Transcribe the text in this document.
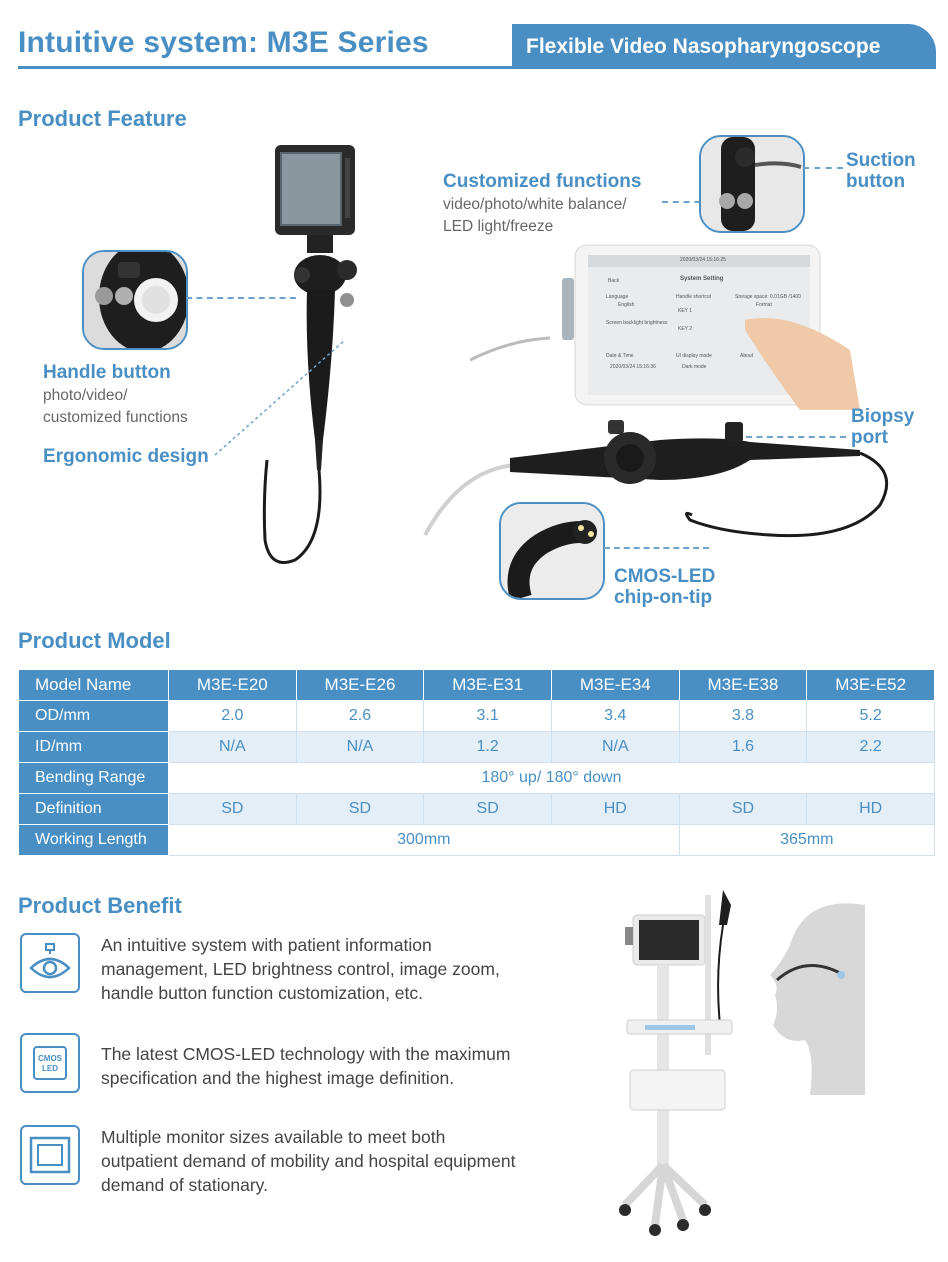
Intuitive system: M3E Series	Flexible Video Nasopharyngoscope
Product Feature
Handle button
photo/video/
customized functions
Ergonomic design
Customized functions
video/photo/white balance/
LED light/freeze
Suction
button
2020/03/24 15:16:25
Back	System Setting
Language
English
Handle shortcut	Storage space: 0.01GB /1400
Format
KEY 1
KEY 2
Screen backlight brightness
Date & Time
2020/03/24 15:16:36
UI display mode
Dark mode
About
Biopsy
port
CMOS-LED
chip-on-tip
Product Model
Model Name	M3E-E20	M3E-E26	M3E-E31	M3E-E34	M3E-E38	M3E-E52
OD/mm	2.0	2.6	3.1	3.4	3.8	5.2
ID/mm	N/A	N/A	1.2	N/A	1.6	2.2
Bending Range	180° up/ 180° down					
Definition	SD	SD	SD	HD	SD	HD
Working Length	300mm				365mm	
Product Benefit
An intuitive system with patient information
management, LED brightness control, image zoom,
handle button function customization, etc.
CMOS
LED
The latest CMOS-LED technology with the maximum
specification and the highest image definition.
Multiple monitor sizes available to meet both
outpatient demand of mobility and hospital equipment
demand of stationary.
